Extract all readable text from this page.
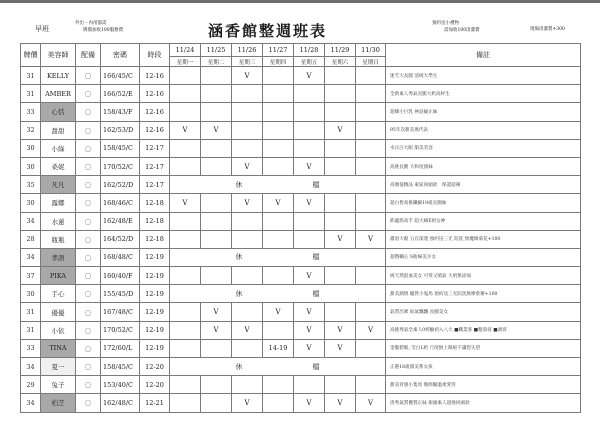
早班
外出・內用都需
牌價加收100服務費	涵香館整週班表	預約送小禮物
需加收100清潔費	現場清潔費+300
牌價	美容師	配備	密碼	時段	11/24	11/25	11/26	11/27	11/28	11/29	11/30	備註
					星期一	星期二	星期三	星期四	星期五	星期六	星期日	
31	KELLY	○	166/45/C	12-16			V		V			迷夭大長腿 清純大學生
31	AMBER	○	166/52/E	12-16								全新素人秀氣長腿大奶高材生
33	心恬	○	158/43/F	12-16								超嬌小巨乳 神話級正妹
32	甜甜	○	162/53/D	12-16	V	V				V		95年次甜美係代表
30	小綠	○	158/45/C	12-17								水汪汪大眼 甜美笑容
30	桑妮	○	170/52/C	12-17			V		V			高挑長腿 大和度甜妹
35	凡凡	○	162/52/D	12-17	休 檔							高顏值精品 東區回頭款　保證超辣
30	露娜	○	168/46/C	12-18	V		V	V	V			超白皙高挑纖細19歲長腿妹
34	水蓮	○	162/48/E	12-18								抓龍筋高手 超大絨E奶女神
28	瓶瓶	○	164/52/D	12-18						V	V	濃眉大眼 五官深邃 預約送三光 陪洗 無魔爆菊花+100
34	孝語	○	168/48/C	12-19	休 檔							超暨輔心 S曲線美少女
37	PIKA	○	160/40/F	12-19					V			純天然混血美女 可愛又噴氣 大奶無添加
30	手心	○	155/45/D	12-19	休 檔							甜美熱情 騷貨小鬼馬 預約送三光陪洗無摩倉辦+100
31	優優	○	167/48/C	12-19		V		V	V			氣質出眾 仙氣飄飄 長腿美女
31	小依	○	170/52/C	12-19		V	V		V	V	V	高挑秀氣全素人0經驗初入八大 ■職業客 ■粗魯客 ■酒客
33	TINA	○	172/60/L	12-19				14-19	V	V		金髮碧眼, 雪白L奶 尺度無上限絕不讓您失望
34	夏一	○	158/45/C	12-20	休 檔							正港18歲甜美系女孩
29	兔子	○	153/40/C	12-20								甜美骨感小隻馬 微經驗溫柔愛待
34	柏芝	○	162/48/C	12-21			V		V	V	V	清秀氣質優質正妹 街頭素人超強回頭款
